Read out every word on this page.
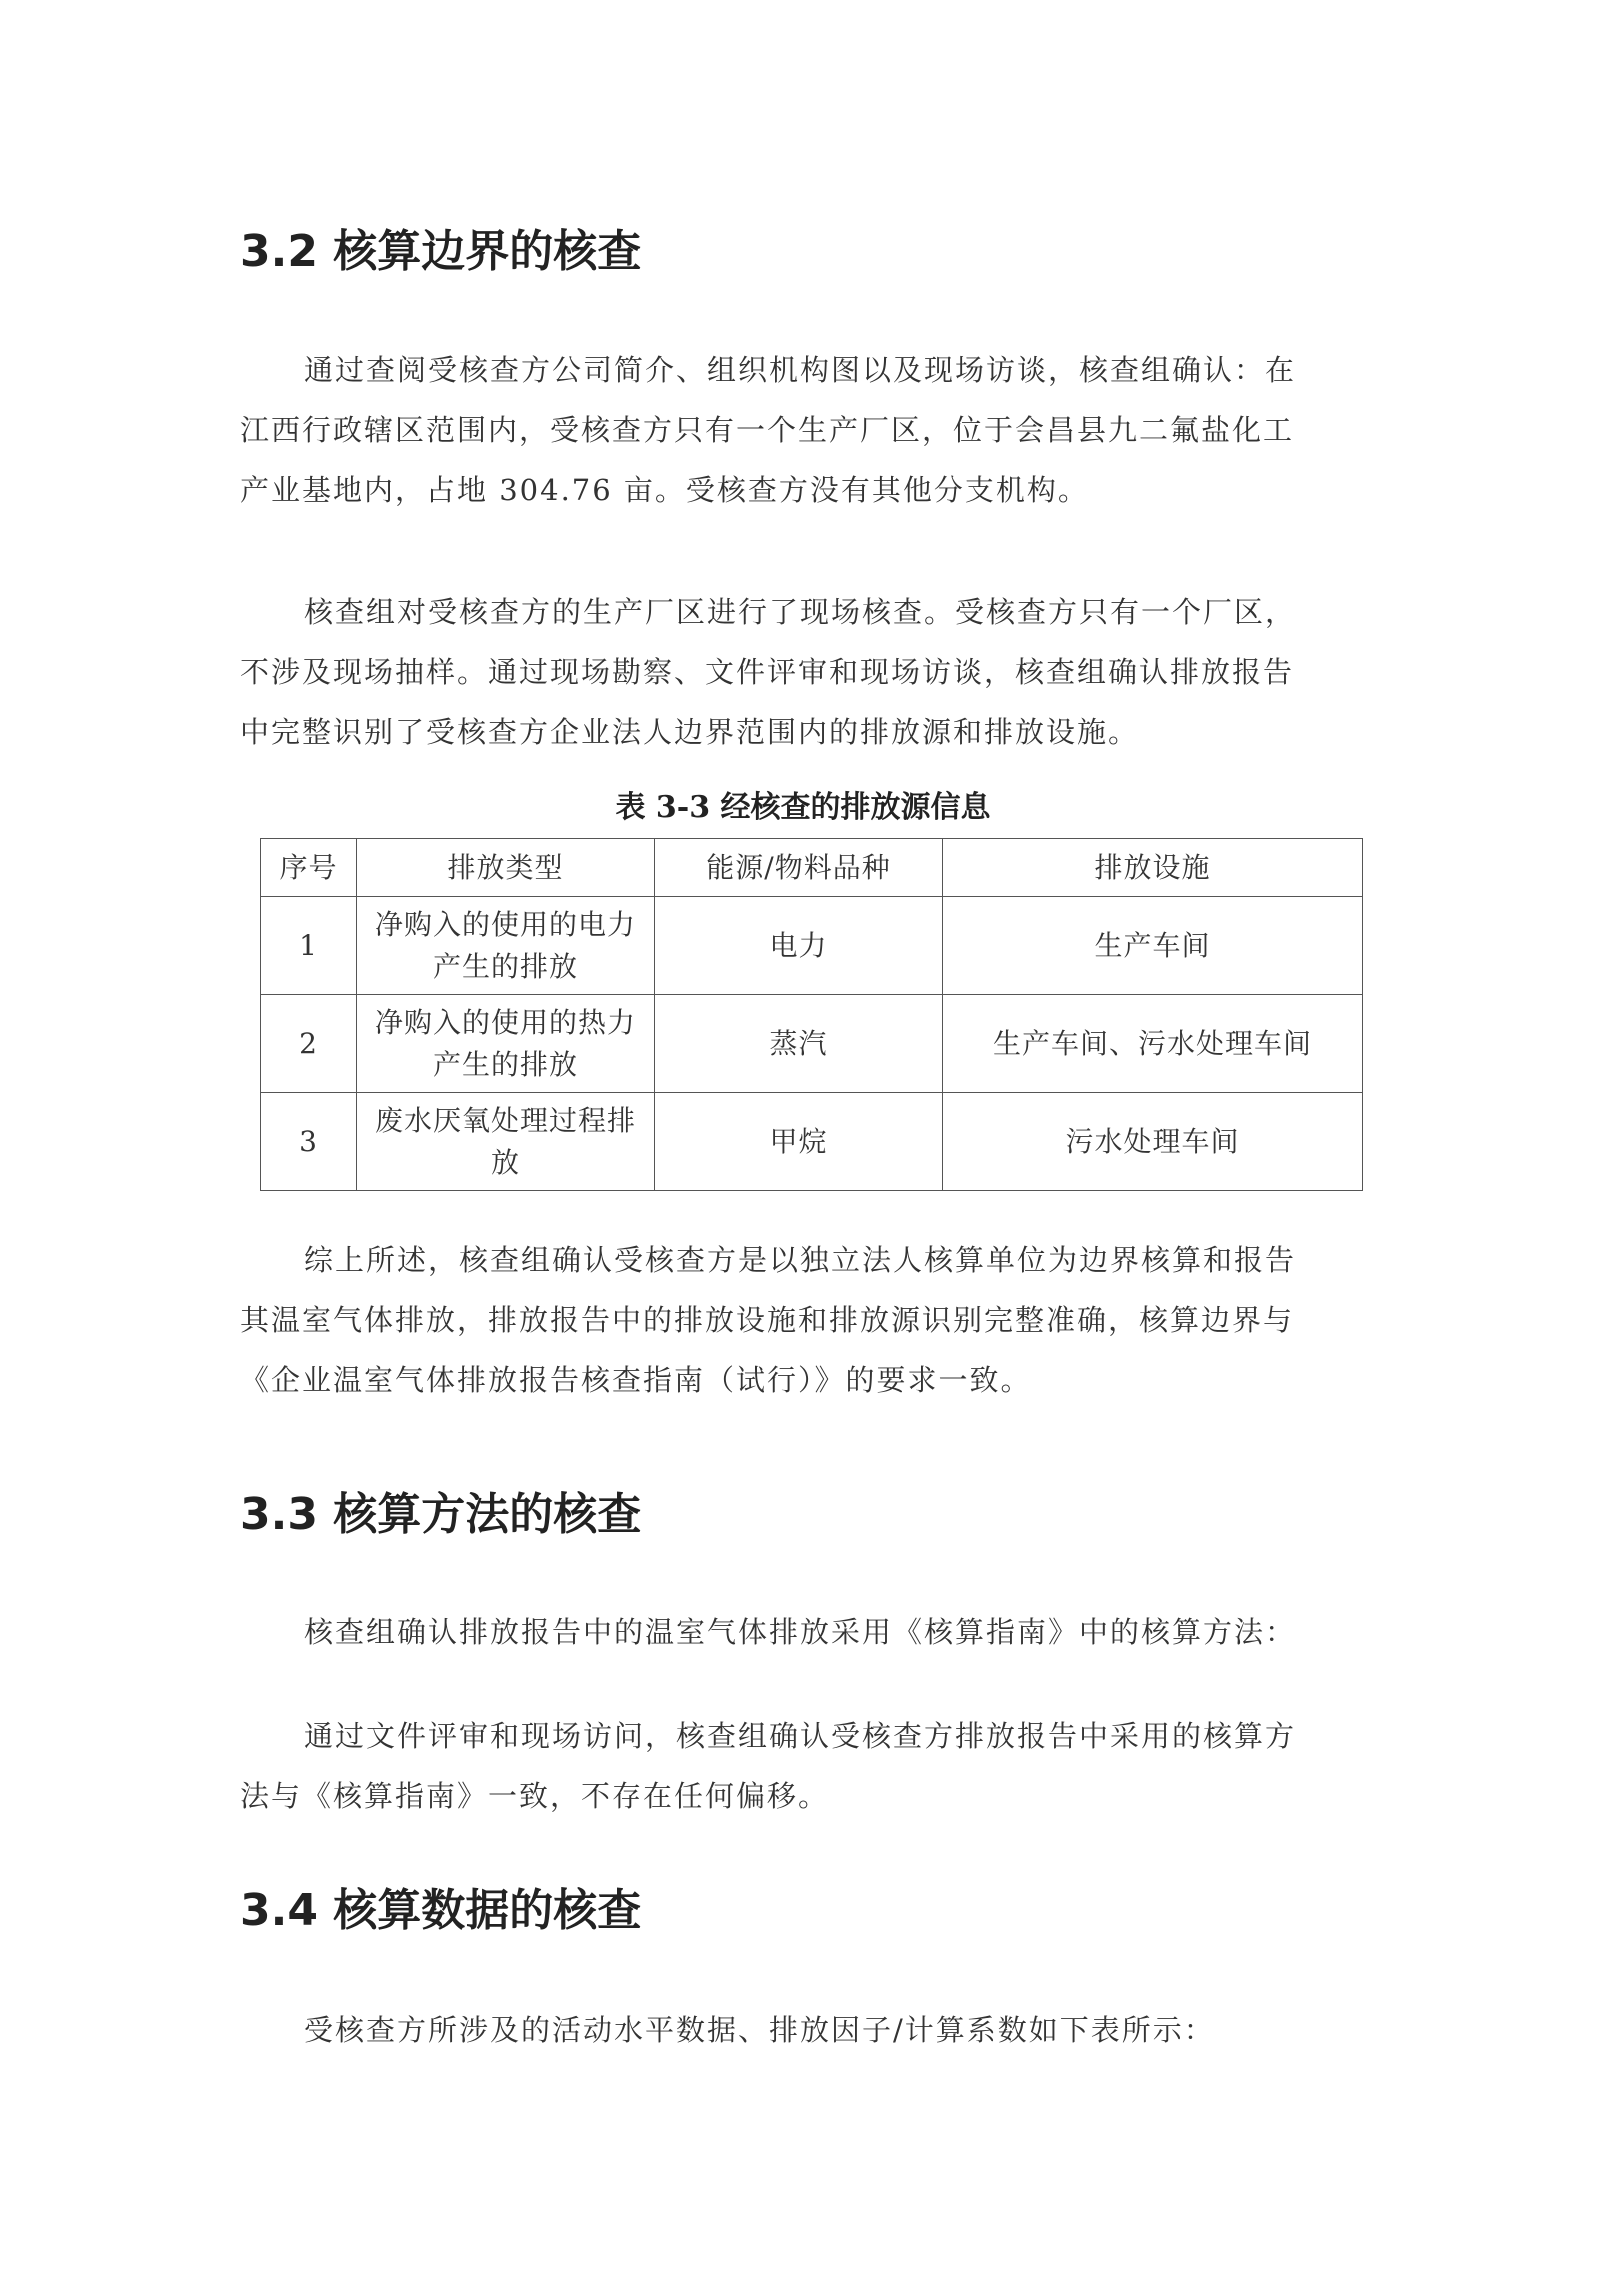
3.2 核算边界的核查
通过查阅受核查方公司简介、组织机构图以及现场访谈，核查组确认：在
江西行政辖区范围内，受核查方只有一个生产厂区，位于会昌县九二氟盐化工
产业基地内，占地 304.76 亩。受核查方没有其他分支机构。
核查组对受核查方的生产厂区进行了现场核查。受核查方只有一个厂区，
不涉及现场抽样。通过现场勘察、文件评审和现场访谈，核查组确认排放报告
中完整识别了受核查方企业法人边界范围内的排放源和排放设施。
表 3-3 经核查的排放源信息
序号	排放类型	能源/物料品种	排放设施
1	净购入的使用的电力
产生的排放	电力	生产车间
2	净购入的使用的热力
产生的排放	蒸汽	生产车间、污水处理车间
3	废水厌氧处理过程排
放	甲烷	污水处理车间
综上所述，核查组确认受核查方是以独立法人核算单位为边界核算和报告
其温室气体排放，排放报告中的排放设施和排放源识别完整准确，核算边界与
《企业温室气体排放报告核查指南（试行）》的要求一致。
3.3 核算方法的核查
核查组确认排放报告中的温室气体排放采用《核算指南》中的核算方法：
通过文件评审和现场访问，核查组确认受核查方排放报告中采用的核算方
法与《核算指南》一致，不存在任何偏移。
3.4 核算数据的核查
受核查方所涉及的活动水平数据、排放因子/计算系数如下表所示：
